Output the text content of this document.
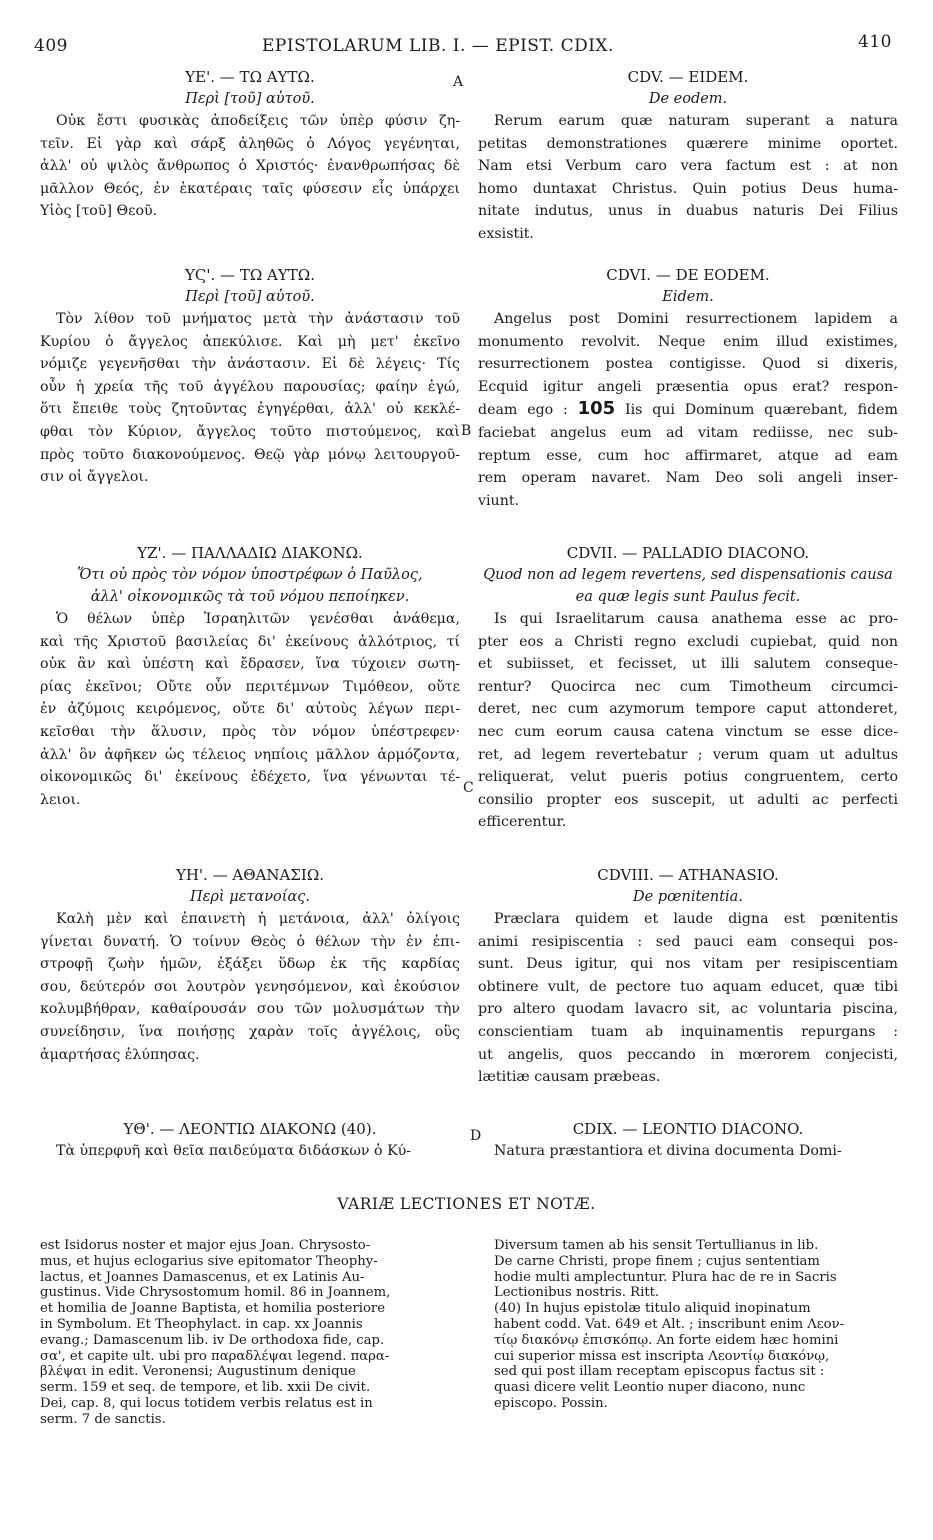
409	EPISTOLARUM LIB. I. — EPIST. CDIX.	410
A
B
C
D
ΥΕ'. — ΤΩ ΑΥΤΩ.
Περὶ [τοῦ] αὐτοῦ.
Οὐκ ἔστι φυσικὰς ἀποδείξεις τῶν ὑπὲρ φύσιν ζη-
τεῖν. Εἰ γὰρ καὶ σάρξ ἀληθῶς ὁ Λόγος γεγένηται,
ἀλλ' οὐ ψιλὸς ἄνθρωπος ὁ Χριστός· ἐνανθρωπήσας δὲ
μᾶλλον Θεός, ἐν ἑκατέραις ταῖς φύσεσιν εἷς ὑπάρχει
Υἱὸς [τοῦ] Θεοῦ.
ΥϚ'. — ΤΩ ΑΥΤΩ.
Περὶ [τοῦ] αὐτοῦ.
Τὸν λίθον τοῦ μνήματος μετὰ τὴν ἀνάστασιν τοῦ
Κυρίου ὁ ἄγγελος ἀπεκύλισε. Καὶ μὴ μετ' ἐκεῖνο
νόμιζε γεγενῆσθαι τὴν ἀνάστασιν. Εἰ δὲ λέγεις· Τίς
οὖν ἡ χρεία τῆς τοῦ ἀγγέλου παρουσίας; φαίην ἐγώ,
ὅτι ἔπειθε τοὺς ζητοῦντας ἐγηγέρθαι, ἀλλ' οὐ κεκλέ-
φθαι τὸν Κύριον, ἄγγελος τοῦτο πιστούμενος, καὶ
πρὸς τοῦτο διακονούμενος. Θεῷ γὰρ μόνῳ λειτουργοῦ-
σιν οἱ ἄγγελοι.
ΥΖ'. — ΠΑΛΛΑΔΙΩ ΔΙΑΚΟΝΩ.
Ὅτι οὐ πρὸς τὸν νόμον ὑποστρέφων ὁ Παῦλος,
ἀλλ' οἰκονομικῶς τὰ τοῦ νόμου πεποίηκεν.
Ὁ θέλων ὑπὲρ Ἰσραηλιτῶν γενέσθαι ἀνάθεμα,
καὶ τῆς Χριστοῦ βασιλείας δι' ἐκείνους ἀλλότριος, τί
οὐκ ἂν καὶ ὑπέστη καὶ ἔδρασεν, ἵνα τύχοιεν σωτη-
ρίας ἐκεῖνοι; Οὔτε οὖν περιτέμνων Τιμόθεον, οὔτε
ἐν ἀζύμοις κειρόμενος, οὔτε δι' αὐτοὺς λέγων περι-
κεῖσθαι τὴν ἅλυσιν, πρὸς τὸν νόμον ὑπέστρεφεν·
ἀλλ' ὃν ἀφῆκεν ὡς τέλειος νηπίοις μᾶλλον ἁρμόζοντα,
οἰκονομικῶς δι' ἐκείνους ἐδέχετο, ἵνα γένωνται τέ-
λειοι.
ΥΗ'. — ΑΘΑΝΑΣΙΩ.
Περὶ μετανοίας.
Καλὴ μὲν καὶ ἐπαινετὴ ἡ μετάνοια, ἀλλ' ὀλίγοις
γίνεται δυνατή. Ὁ τοίνυν Θεὸς ὁ θέλων τὴν ἐν ἐπι-
στροφῇ ζωὴν ἡμῶν, ἐξάξει ὕδωρ ἐκ τῆς καρδίας
σου, δεύτερόν σοι λουτρὸν γενησόμενον, καὶ ἑκούσιον
κολυμβήθραν, καθαίρουσάν σου τῶν μολυσμάτων τὴν
συνείδησιν, ἵνα ποιήσῃς χαρὰν τοῖς ἀγγέλοις, οὓς
ἁμαρτήσας ἐλύπησας.
ΥΘ'. — ΛΕΟΝΤΙΩ ΔΙΑΚΟΝΩ (40).
Τὰ ὑπερφυῆ καὶ θεῖα παιδεύματα διδάσκων ὁ Κύ-
CDV. — EIDEM.
De eodem.
Rerum earum quæ naturam superant a natura
petitas demonstrationes quærere minime oportet.
Nam etsi Verbum caro vera factum est : at non
homo duntaxat Christus. Quin potius Deus huma-
nitate indutus, unus in duabus naturis Dei Filius
exsistit.
CDVI. — DE EODEM.
Eidem.
Angelus post Domini resurrectionem lapidem a
monumento revolvit. Neque enim illud existimes,
resurrectionem postea contigisse. Quod si dixeris,
Ecquid igitur angeli præsentia opus erat? respon-
deam ego : 105 Iis qui Dominum quærebant, fidem
faciebat angelus eum ad vitam rediisse, nec sub-
reptum esse, cum hoc affirmaret, atque ad eam
rem operam navaret. Nam Deo soli angeli inser-
viunt.
CDVII. — PALLADIO DIACONO.
Quod non ad legem revertens, sed dispensationis causa
ea quæ legis sunt Paulus fecit.
Is qui Israelitarum causa anathema esse ac pro-
pter eos a Christi regno excludi cupiebat, quid non
et subiisset, et fecisset, ut illi salutem conseque-
rentur? Quocirca nec cum Timotheum circumci-
deret, nec cum azymorum tempore caput attonderet,
nec cum eorum causa catena vinctum se esse dice-
ret, ad legem revertebatur ; verum quam ut adultus
reliquerat, velut pueris potius congruentem, certo
consilio propter eos suscepit, ut adulti ac perfecti
efficerentur.
CDVIII. — ATHANASIO.
De pœnitentia.
Præclara quidem et laude digna est pœnitentis
animi resipiscentia : sed pauci eam consequi pos-
sunt. Deus igitur, qui nos vitam per resipiscentiam
obtinere vult, de pectore tuo aquam educet, quæ tibi
pro altero quodam lavacro sit, ac voluntaria piscina,
conscientiam tuam ab inquinamentis repurgans :
ut angelis, quos peccando in mœrorem conjecisti,
lætitiæ causam præbeas.
CDIX. — LEONTIO DIACONO.
Natura præstantiora et divina documenta Domi-
VARIÆ LECTIONES ET NOTÆ.
est Isidorus noster et major ejus Joan. Chrysosto-
mus, et hujus eclogarius sive epitomator Theophy-
lactus, et Joannes Damascenus, et ex Latinis Au-
gustinus. Vide Chrysostomum homil. 86 in Joannem,
et homilia de Joanne Baptista, et homilia posteriore
in Symbolum. Et Theophylact. in cap. xx Joannis
evang.; Damascenum lib. iv De orthodoxa fide, cap.
σα', et capite ult. ubi pro παραδλέψαι legend. παρα-
βλέψαι in edit. Veronensi; Augustinum denique
serm. 159 et seq. de tempore, et lib. xxii De civit.
Dei, cap. 8, qui locus totidem verbis relatus est in
serm. 7 de sanctis.
Diversum tamen ab his sensit Tertullianus in lib.
De carne Christi, prope finem ; cujus sententiam
hodie multi amplectuntur. Plura hac de re in Sacris
Lectionibus nostris. Ritt.
(40) In hujus epistolæ titulo aliquid inopinatum
habent codd. Vat. 649 et Alt. ; inscribunt enim Λεον-
τίῳ διακόνῳ ἐπισκόπῳ. An forte eidem hæc homini
cui superior missa est inscripta Λεοντίῳ διακόνῳ,
sed qui post illam receptam episcopus factus sit :
quasi dicere velit Leontio nuper diacono, nunc
episcopo. Possin.
